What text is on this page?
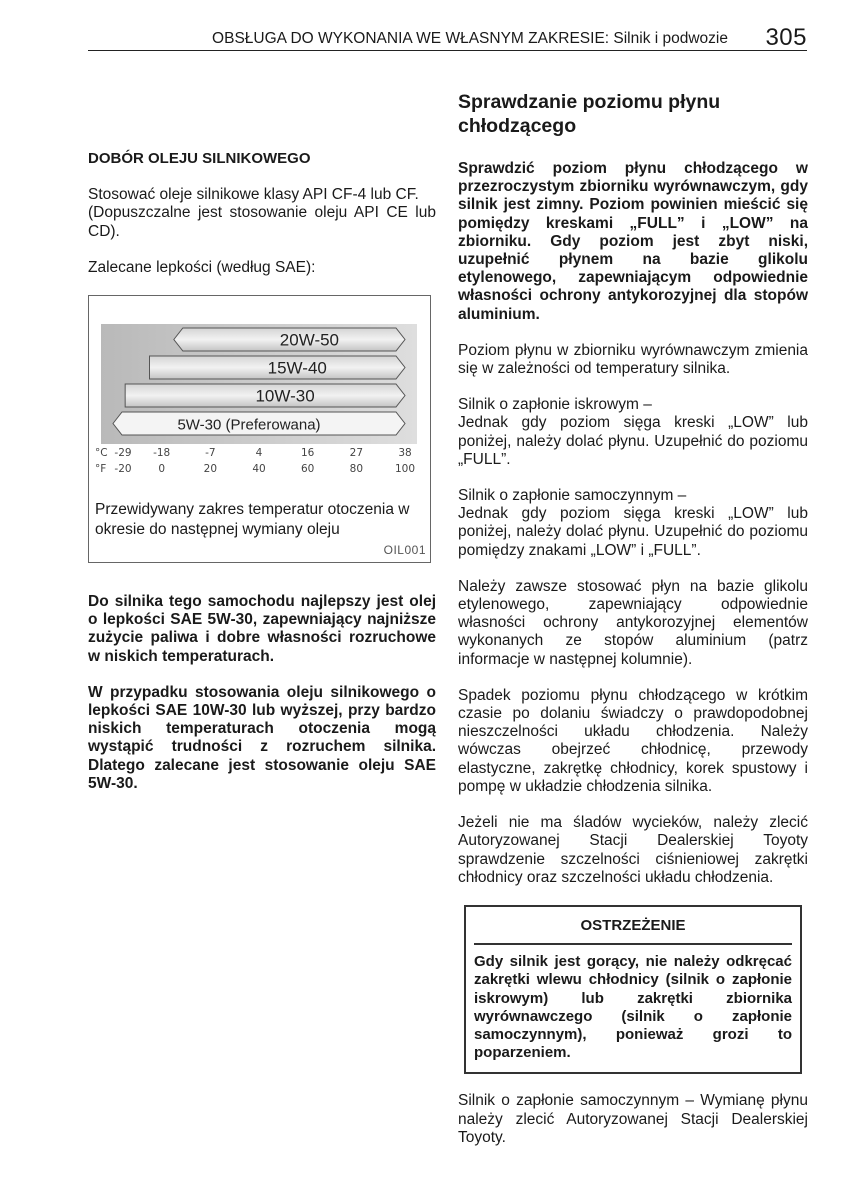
OBSŁUGA DO WYKONANIA WE WŁASNYM ZAKRESIE: Silnik i podwozie 305
DOBÓR OLEJU SILNIKOWEGO

Stosować oleje silnikowe klasy API CF-4 lub CF.

(Dopuszczalne jest stosowanie oleju API CE lub CD).

Zalecane lepkości (według SAE):

20W-50
15W-40
10W-30
5W-30 (Preferowana)
°C
°F
-29
-20
-18
0
-7
20
4
40
16
60
27
80
38
100
Przewidywany zakres temperatur otoczenia w okresie do następnej wymiany oleju
OIL001

Do silnika tego samochodu najlepszy jest olej o lepkości SAE 5W-30, zapewniający najniższe zużycie paliwa i dobre własności rozruchowe w niskich temperaturach.

W przypadku stosowania oleju silnikowego o lepkości SAE 10W-30 lub wyższej, przy bardzo niskich temperaturach otoczenia mogą wystąpić trudności z rozruchem silnika. Dlatego zalecane jest stosowanie oleju SAE 5W-30.

Sprawdzanie poziomu płynu chłodzącego

Sprawdzić poziom płynu chłodzącego w przezroczystym zbiorniku wyrównawczym, gdy silnik jest zimny. Poziom powinien mieścić się pomiędzy kreskami „FULL” i „LOW” na zbiorniku. Gdy poziom jest zbyt niski, uzupełnić płynem na bazie glikolu etylenowego, zapewniającym odpowiednie własności ochrony antykorozyjnej dla stopów aluminium.

Poziom płynu w zbiorniku wyrównawczym zmienia się w zależności od temperatury silnika.

Silnik o zapłonie iskrowym –
Jednak gdy poziom sięga kreski „LOW” lub poniżej, należy dolać płynu. Uzupełnić do poziomu „FULL”.

Silnik o zapłonie samoczynnym –
Jednak gdy poziom sięga kreski „LOW” lub poniżej, należy dolać płynu. Uzupełnić do poziomu pomiędzy znakami „LOW” i „FULL”.

Należy zawsze stosować płyn na bazie glikolu etylenowego, zapewniający odpowiednie własności ochrony antykorozyjnej elementów wykonanych ze stopów aluminium (patrz informacje w następnej kolumnie).

Spadek poziomu płynu chłodzącego w krótkim czasie po dolaniu świadczy o prawdopodobnej nieszczelności układu chłodzenia. Należy wówczas obejrzeć chłodnicę, przewody elastyczne, zakrętkę chłodnicy, korek spustowy i pompę w układzie chłodzenia silnika.

Jeżeli nie ma śladów wycieków, należy zlecić Autoryzowanej Stacji Dealerskiej Toyoty sprawdzenie szczelności ciśnieniowej zakrętki chłodnicy oraz szczelności układu chłodzenia.

OSTRZEŻENIE
Gdy silnik jest gorący, nie należy odkręcać zakrętki wlewu chłodnicy (silnik o zapłonie iskrowym) lub zakrętki zbiornika wyrównawczego (silnik o zapłonie samoczynnym), ponieważ grozi to poparzeniem.

Silnik o zapłonie samoczynnym – Wymianę płynu należy zlecić Autoryzowanej Stacji Dealerskiej Toyoty.
